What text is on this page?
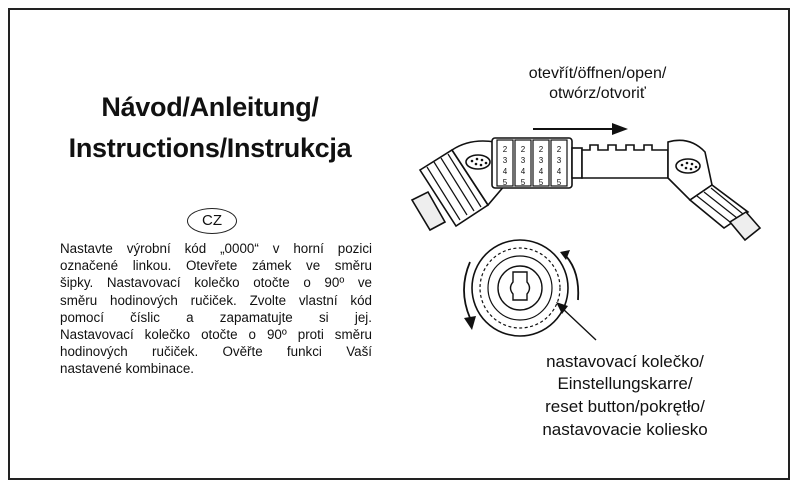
Návod/Anleitung/
Instructions/Instrukcja
CZ
Nastavte výrobní kód „0000“ v horní pozici
označené linkou. Otevřete zámek ve směru
šipky. Nastavovací kolečko otočte o 90º ve
směru hodinových ručiček. Zvolte vlastní kód
pomocí číslic a zapamatujte si jej.
Nastavovací kolečko otočte o 90º proti směru
hodinových ručiček. Ověřte funkci Vaší
nastavené kombinace.
otevřít/öffnen/open/
otwórz/otvoriť
2 2 2 2
3 3 3 3
4 4 4 4
5 5 5 5
nastavovací kolečko/
Einstellungskarre/
reset button/pokrętło/
nastavovacie koliesko
